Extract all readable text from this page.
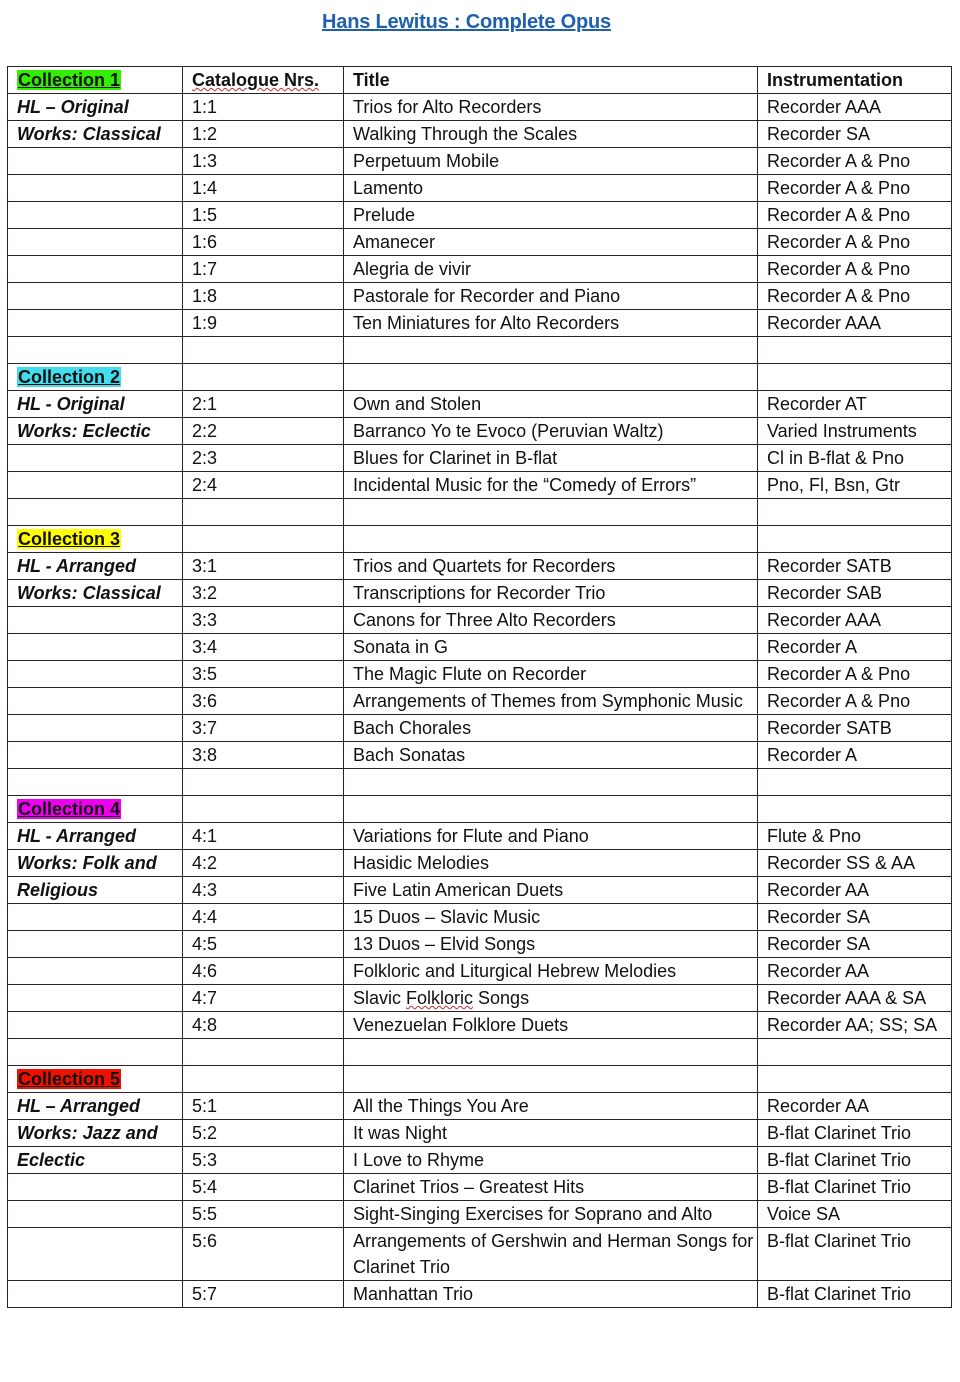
Hans Lewitus : Complete Opus
Collection 1	Catalogue Nrs.	Title	Instrumentation
HL – Original	1:1	Trios for Alto Recorders	Recorder AAA
Works: Classical	1:2	Walking Through the Scales	Recorder SA
	1:3	Perpetuum Mobile	Recorder A & Pno
	1:4	Lamento	Recorder A & Pno
	1:5	Prelude	Recorder A & Pno
	1:6	Amanecer	Recorder A & Pno
	1:7	Alegria de vivir	Recorder A & Pno
	1:8	Pastorale for Recorder and Piano	Recorder A & Pno
	1:9	Ten Miniatures for Alto Recorders	Recorder AAA

Collection 2			
HL - Original	2:1	Own and Stolen	Recorder AT
Works: Eclectic	2:2	Barranco Yo te Evoco (Peruvian Waltz)	Varied Instruments
	2:3	Blues for Clarinet in B-flat	Cl in B-flat & Pno
	2:4	Incidental Music for the “Comedy of Errors”	Pno, Fl, Bsn, Gtr

Collection 3			
HL - Arranged	3:1	Trios and Quartets for Recorders	Recorder SATB
Works: Classical	3:2	Transcriptions for Recorder Trio	Recorder SAB
	3:3	Canons for Three Alto Recorders	Recorder AAA
	3:4	Sonata in G	Recorder A
	3:5	The Magic Flute on Recorder	Recorder A & Pno
	3:6	Arrangements of Themes from Symphonic Music	Recorder A & Pno
	3:7	Bach Chorales	Recorder SATB
	3:8	Bach Sonatas	Recorder A

Collection 4			
HL - Arranged	4:1	Variations for Flute and Piano	Flute & Pno
Works: Folk and	4:2	Hasidic Melodies	Recorder SS & AA
Religious	4:3	Five Latin American Duets	Recorder AA
	4:4	15 Duos – Slavic Music	Recorder SA
	4:5	13 Duos – Elvid Songs	Recorder SA
	4:6	Folkloric and Liturgical Hebrew Melodies	Recorder AA
	4:7	Slavic Folkloric Songs	Recorder AAA & SA
	4:8	Venezuelan Folklore Duets	Recorder AA; SS; SA

Collection 5			
HL – Arranged	5:1	All the Things You Are	Recorder AA
Works: Jazz and	5:2	It was Night	B-flat Clarinet Trio
Eclectic	5:3	I Love to Rhyme	B-flat Clarinet Trio
	5:4	Clarinet Trios – Greatest Hits	B-flat Clarinet Trio
	5:5	Sight-Singing Exercises for Soprano and Alto	Voice SA
	5:6	Arrangements of Gershwin and Herman Songs for Clarinet Trio	B-flat Clarinet Trio
	5:7	Manhattan Trio	B-flat Clarinet Trio
